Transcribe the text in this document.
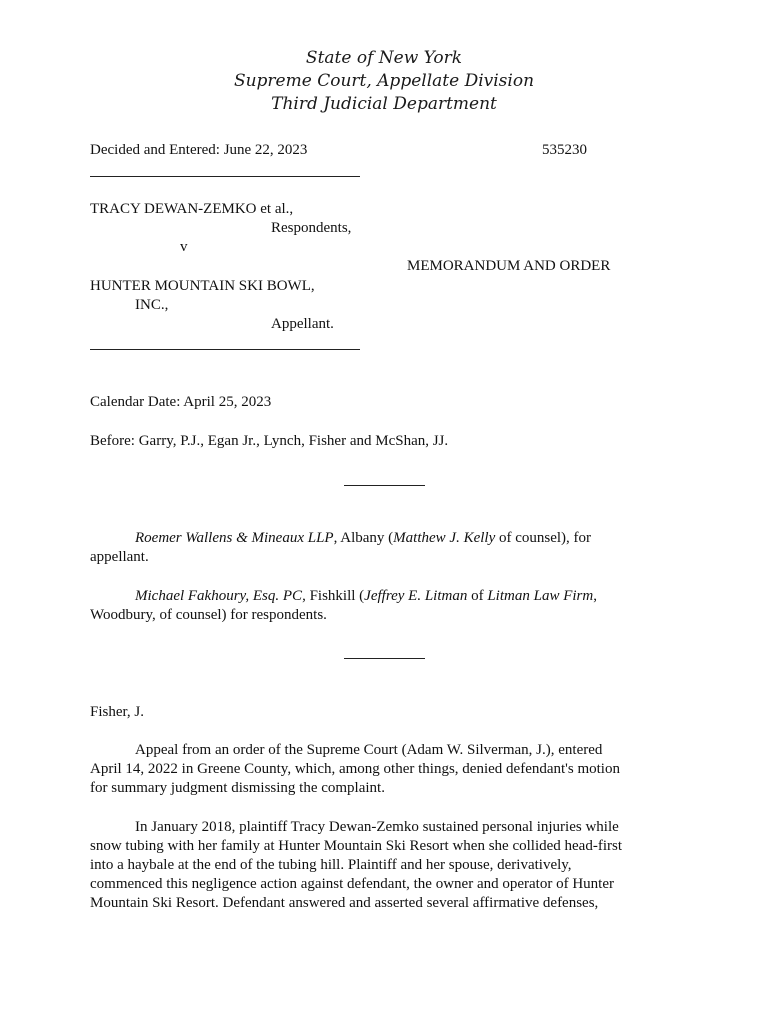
State of New York
Supreme Court, Appellate Division
Third Judicial Department
Decided and Entered: June 22, 2023	535230
TRACY DEWAN-ZEMKO et al.,
Respondents,
v
MEMORANDUM AND ORDER
HUNTER MOUNTAIN SKI BOWL,
INC.,
Appellant.
Calendar Date: April 25, 2023
Before: Garry, P.J., Egan Jr., Lynch, Fisher and McShan, JJ.
Roemer Wallens & Mineaux LLP, Albany (Matthew J. Kelly of counsel), for
appellant.
Michael Fakhoury, Esq. PC, Fishkill (Jeffrey E. Litman of Litman Law Firm,
Woodbury, of counsel) for respondents.
Fisher, J.
Appeal from an order of the Supreme Court (Adam W. Silverman, J.), entered
April 14, 2022 in Greene County, which, among other things, denied defendant's motion
for summary judgment dismissing the complaint.
In January 2018, plaintiff Tracy Dewan-Zemko sustained personal injuries while
snow tubing with her family at Hunter Mountain Ski Resort when she collided head-first
into a haybale at the end of the tubing hill. Plaintiff and her spouse, derivatively,
commenced this negligence action against defendant, the owner and operator of Hunter
Mountain Ski Resort. Defendant answered and asserted several affirmative defenses,
